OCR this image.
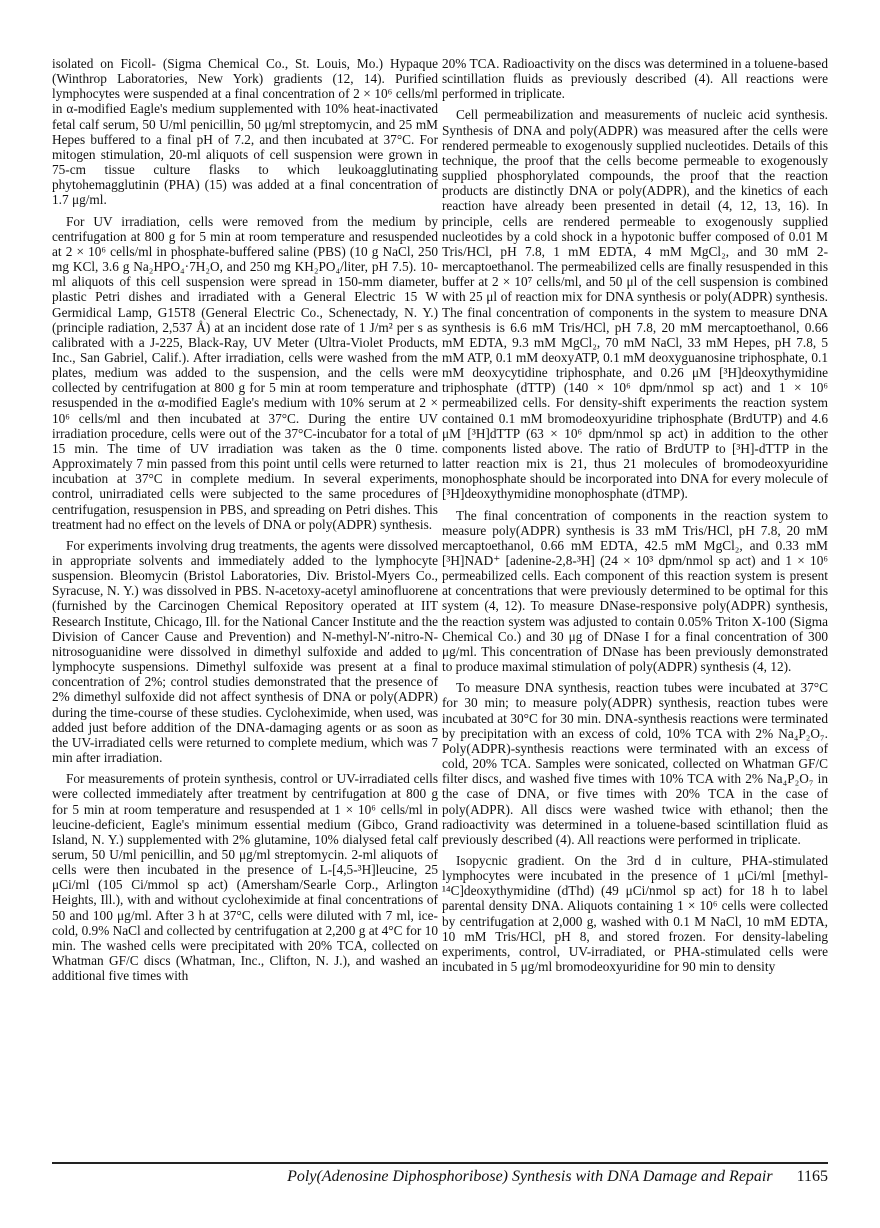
isolated on Ficoll- (Sigma Chemical Co., St. Louis, Mo.) Hypaque (Winthrop Laboratories, New York) gradients (12, 14). Purified lymphocytes were suspended at a final concentration of 2 × 10⁶ cells/ml in α-modified Eagle's medium supplemented with 10% heat-inactivated fetal calf serum, 50 U/ml penicillin, 50 μg/ml streptomycin, and 25 mM Hepes buffered to a final pH of 7.2, and then incubated at 37°C. For mitogen stimulation, 20-ml aliquots of cell suspension were grown in 75-cm tissue culture flasks to which leukoagglutinating phytohemagglutinin (PHA) (15) was added at a final concentration of 1.7 μg/ml.

For UV irradiation, cells were removed from the medium by centrifugation at 800 g for 5 min at room temperature and resuspended at 2 × 10⁶ cells/ml in phosphate-buffered saline (PBS) (10 g NaCl, 250 mg KCl, 3.6 g Na₂HPO₄·7H₂O, and 250 mg KH₂PO₄/liter, pH 7.5). 10-ml aliquots of this cell suspension were spread in 150-mm diameter, plastic Petri dishes and irradiated with a General Electric 15 W Germidical Lamp, G15T8 (General Electric Co., Schenectady, N. Y.) (principle radiation, 2,537 Å) at an incident dose rate of 1 J/m² per s as calibrated with a J-225, Black-Ray, UV Meter (Ultra-Violet Products, Inc., San Gabriel, Calif.). After irradiation, cells were washed from the plates, medium was added to the suspension, and the cells were collected by centrifugation at 800 g for 5 min at room temperature and resuspended in the α-modified Eagle's medium with 10% serum at 2 × 10⁶ cells/ml and then incubated at 37°C. During the entire UV irradiation procedure, cells were out of the 37°C-incubator for a total of 15 min. The time of UV irradiation was taken as the 0 time. Approximately 7 min passed from this point until cells were returned to incubation at 37°C in complete medium. In several experiments, control, unirradiated cells were subjected to the same procedures of centrifugation, resuspension in PBS, and spreading on Petri dishes. This treatment had no effect on the levels of DNA or poly(ADPR) synthesis.

For experiments involving drug treatments, the agents were dissolved in appropriate solvents and immediately added to the lymphocyte suspension. Bleomycin (Bristol Laboratories, Div. Bristol-Myers Co., Syracuse, N. Y.) was dissolved in PBS. N-acetoxy-acetyl aminofluorene (furnished by the Carcinogen Chemical Repository operated at IIT Research Institute, Chicago, Ill. for the National Cancer Institute and the Division of Cancer Cause and Prevention) and N-methyl-N′-nitro-N-nitrosoguanidine were dissolved in dimethyl sulfoxide and added to lymphocyte suspensions. Dimethyl sulfoxide was present at a final concentration of 2%; control studies demonstrated that the presence of 2% dimethyl sulfoxide did not affect synthesis of DNA or poly(ADPR) during the time-course of these studies. Cycloheximide, when used, was added just before addition of the DNA-damaging agents or as soon as the UV-irradiated cells were returned to complete medium, which was 7 min after irradiation.

For measurements of protein synthesis, control or UV-irradiated cells were collected immediately after treatment by centrifugation at 800 g for 5 min at room temperature and resuspended at 1 × 10⁶ cells/ml in leucine-deficient, Eagle's minimum essential medium (Gibco, Grand Island, N. Y.) supplemented with 2% glutamine, 10% dialysed fetal calf serum, 50 U/ml penicillin, and 50 μg/ml streptomycin. 2-ml aliquots of cells were then incubated in the presence of L-[4,5-³H]leucine, 25 μCi/ml (105 Ci/mmol sp act) (Amersham/Searle Corp., Arlington Heights, Ill.), with and without cycloheximide at final concentrations of 50 and 100 μg/ml. After 3 h at 37°C, cells were diluted with 7 ml, ice-cold, 0.9% NaCl and collected by centrifugation at 2,200 g at 4°C for 10 min. The washed cells were precipitated with 20% TCA, collected on Whatman GF/C discs (Whatman, Inc., Clifton, N. J.), and washed an additional five times with

20% TCA. Radioactivity on the discs was determined in a toluene-based scintillation fluids as previously described (4). All reactions were performed in triplicate.

Cell permeabilization and measurements of nucleic acid synthesis. Synthesis of DNA and poly(ADPR) was measured after the cells were rendered permeable to exogenously supplied nucleotides. Details of this technique, the proof that the cells become permeable to exogenously supplied phosphorylated compounds, the proof that the reaction products are distinctly DNA or poly(ADPR), and the kinetics of each reaction have already been presented in detail (4, 12, 13, 16). In principle, cells are rendered permeable to exogenously supplied nucleotides by a cold shock in a hypotonic buffer composed of 0.01 M Tris/HCl, pH 7.8, 1 mM EDTA, 4 mM MgCl₂, and 30 mM 2-mercaptoethanol. The permeabilized cells are finally resuspended in this buffer at 2 × 10⁷ cells/ml, and 50 μl of the cell suspension is combined with 25 μl of reaction mix for DNA synthesis or poly(ADPR) synthesis. The final concentration of components in the system to measure DNA synthesis is 6.6 mM Tris/HCl, pH 7.8, 20 mM mercaptoethanol, 0.66 mM EDTA, 9.3 mM MgCl₂, 70 mM NaCl, 33 mM Hepes, pH 7.8, 5 mM ATP, 0.1 mM deoxyATP, 0.1 mM deoxyguanosine triphosphate, 0.1 mM deoxycytidine triphosphate, and 0.26 μM [³H]deoxythymidine triphosphate (dTTP) (140 × 10⁶ dpm/nmol sp act) and 1 × 10⁶ permeabilized cells. For density-shift experiments the reaction system contained 0.1 mM bromodeoxyuridine triphosphate (BrdUTP) and 4.6 μM [³H]dTTP (63 × 10⁶ dpm/nmol sp act) in addition to the other components listed above. The ratio of BrdUTP to [³H]-dTTP in the latter reaction mix is 21, thus 21 molecules of bromodeoxyuridine monophosphate should be incorporated into DNA for every molecule of [³H]deoxythymidine monophosphate (dTMP).

The final concentration of components in the reaction system to measure poly(ADPR) synthesis is 33 mM Tris/HCl, pH 7.8, 20 mM mercaptoethanol, 0.66 mM EDTA, 42.5 mM MgCl₂, and 0.33 mM [³H]NAD⁺ [adenine-2,8-³H] (24 × 10³ dpm/nmol sp act) and 1 × 10⁶ permeabilized cells. Each component of this reaction system is present at concentrations that were previously determined to be optimal for this system (4, 12). To measure DNase-responsive poly(ADPR) synthesis, the reaction system was adjusted to contain 0.05% Triton X-100 (Sigma Chemical Co.) and 30 μg of DNase I for a final concentration of 300 μg/ml. This concentration of DNase has been previously demonstrated to produce maximal stimulation of poly(ADPR) synthesis (4, 12).

To measure DNA synthesis, reaction tubes were incubated at 37°C for 30 min; to measure poly(ADPR) synthesis, reaction tubes were incubated at 30°C for 30 min. DNA-synthesis reactions were terminated by precipitation with an excess of cold, 10% TCA with 2% Na₄P₂O₇. Poly(ADPR)-synthesis reactions were terminated with an excess of cold, 20% TCA. Samples were sonicated, collected on Whatman GF/C filter discs, and washed five times with 10% TCA with 2% Na₄P₂O₇ in the case of DNA, or five times with 20% TCA in the case of poly(ADPR). All discs were washed twice with ethanol; then the radioactivity was determined in a toluene-based scintillation fluid as previously described (4). All reactions were performed in triplicate.

Isopycnic gradient. On the 3rd d in culture, PHA-stimulated lymphocytes were incubated in the presence of 1 μCi/ml [methyl-¹⁴C]deoxythymidine (dThd) (49 μCi/nmol sp act) for 18 h to label parental density DNA. Aliquots containing 1 × 10⁶ cells were collected by centrifugation at 2,000 g, washed with 0.1 M NaCl, 10 mM EDTA, 10 mM Tris/HCl, pH 8, and stored frozen. For density-labeling experiments, control, UV-irradiated, or PHA-stimulated cells were incubated in 5 μg/ml bromodeoxyuridine for 90 min to density

Poly(Adenosine Diphosphoribose) Synthesis with DNA Damage and Repair 1165
